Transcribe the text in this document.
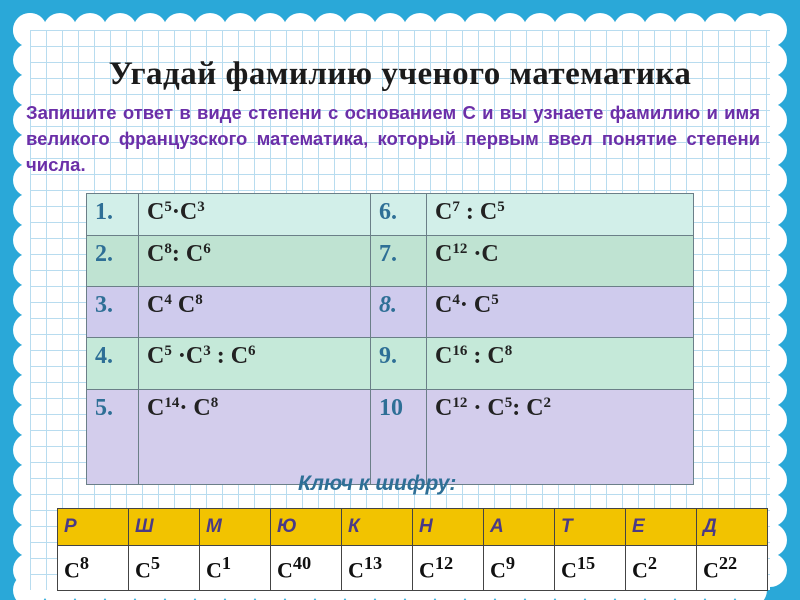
Угадай фамилию ученого математика
Запишите ответ в виде степени с основанием С и вы узнаете фамилию и имя великого французского математика, который первым ввел понятие степени числа.
1.	$С^5\cdot С^3$	6.	$С^7$ : $С^5$
2.	$С^8$: $С^6$	7.	$С^{12} \cdot С$
3.	$С^4$ $С^8$	8.	$С^4\cdot С^5$
4.	$С^5 \cdot С^3$ : $С^6$	9.	$С^{16}$ : $С^8$
5.	$С^{14}\cdot С^8$	10	$С^{12} \cdot С^5$: $С^2$
Ключ к шифру:
Р	Ш	М	Ю	К	Н	А	Т	Е	Д
$С^8$	$С^5$	$С^1$	$С^{40}$	$С^{13}$	$С^{12}$	$С^9$	$С^{15}$	$С^2$	$С^{22}$
